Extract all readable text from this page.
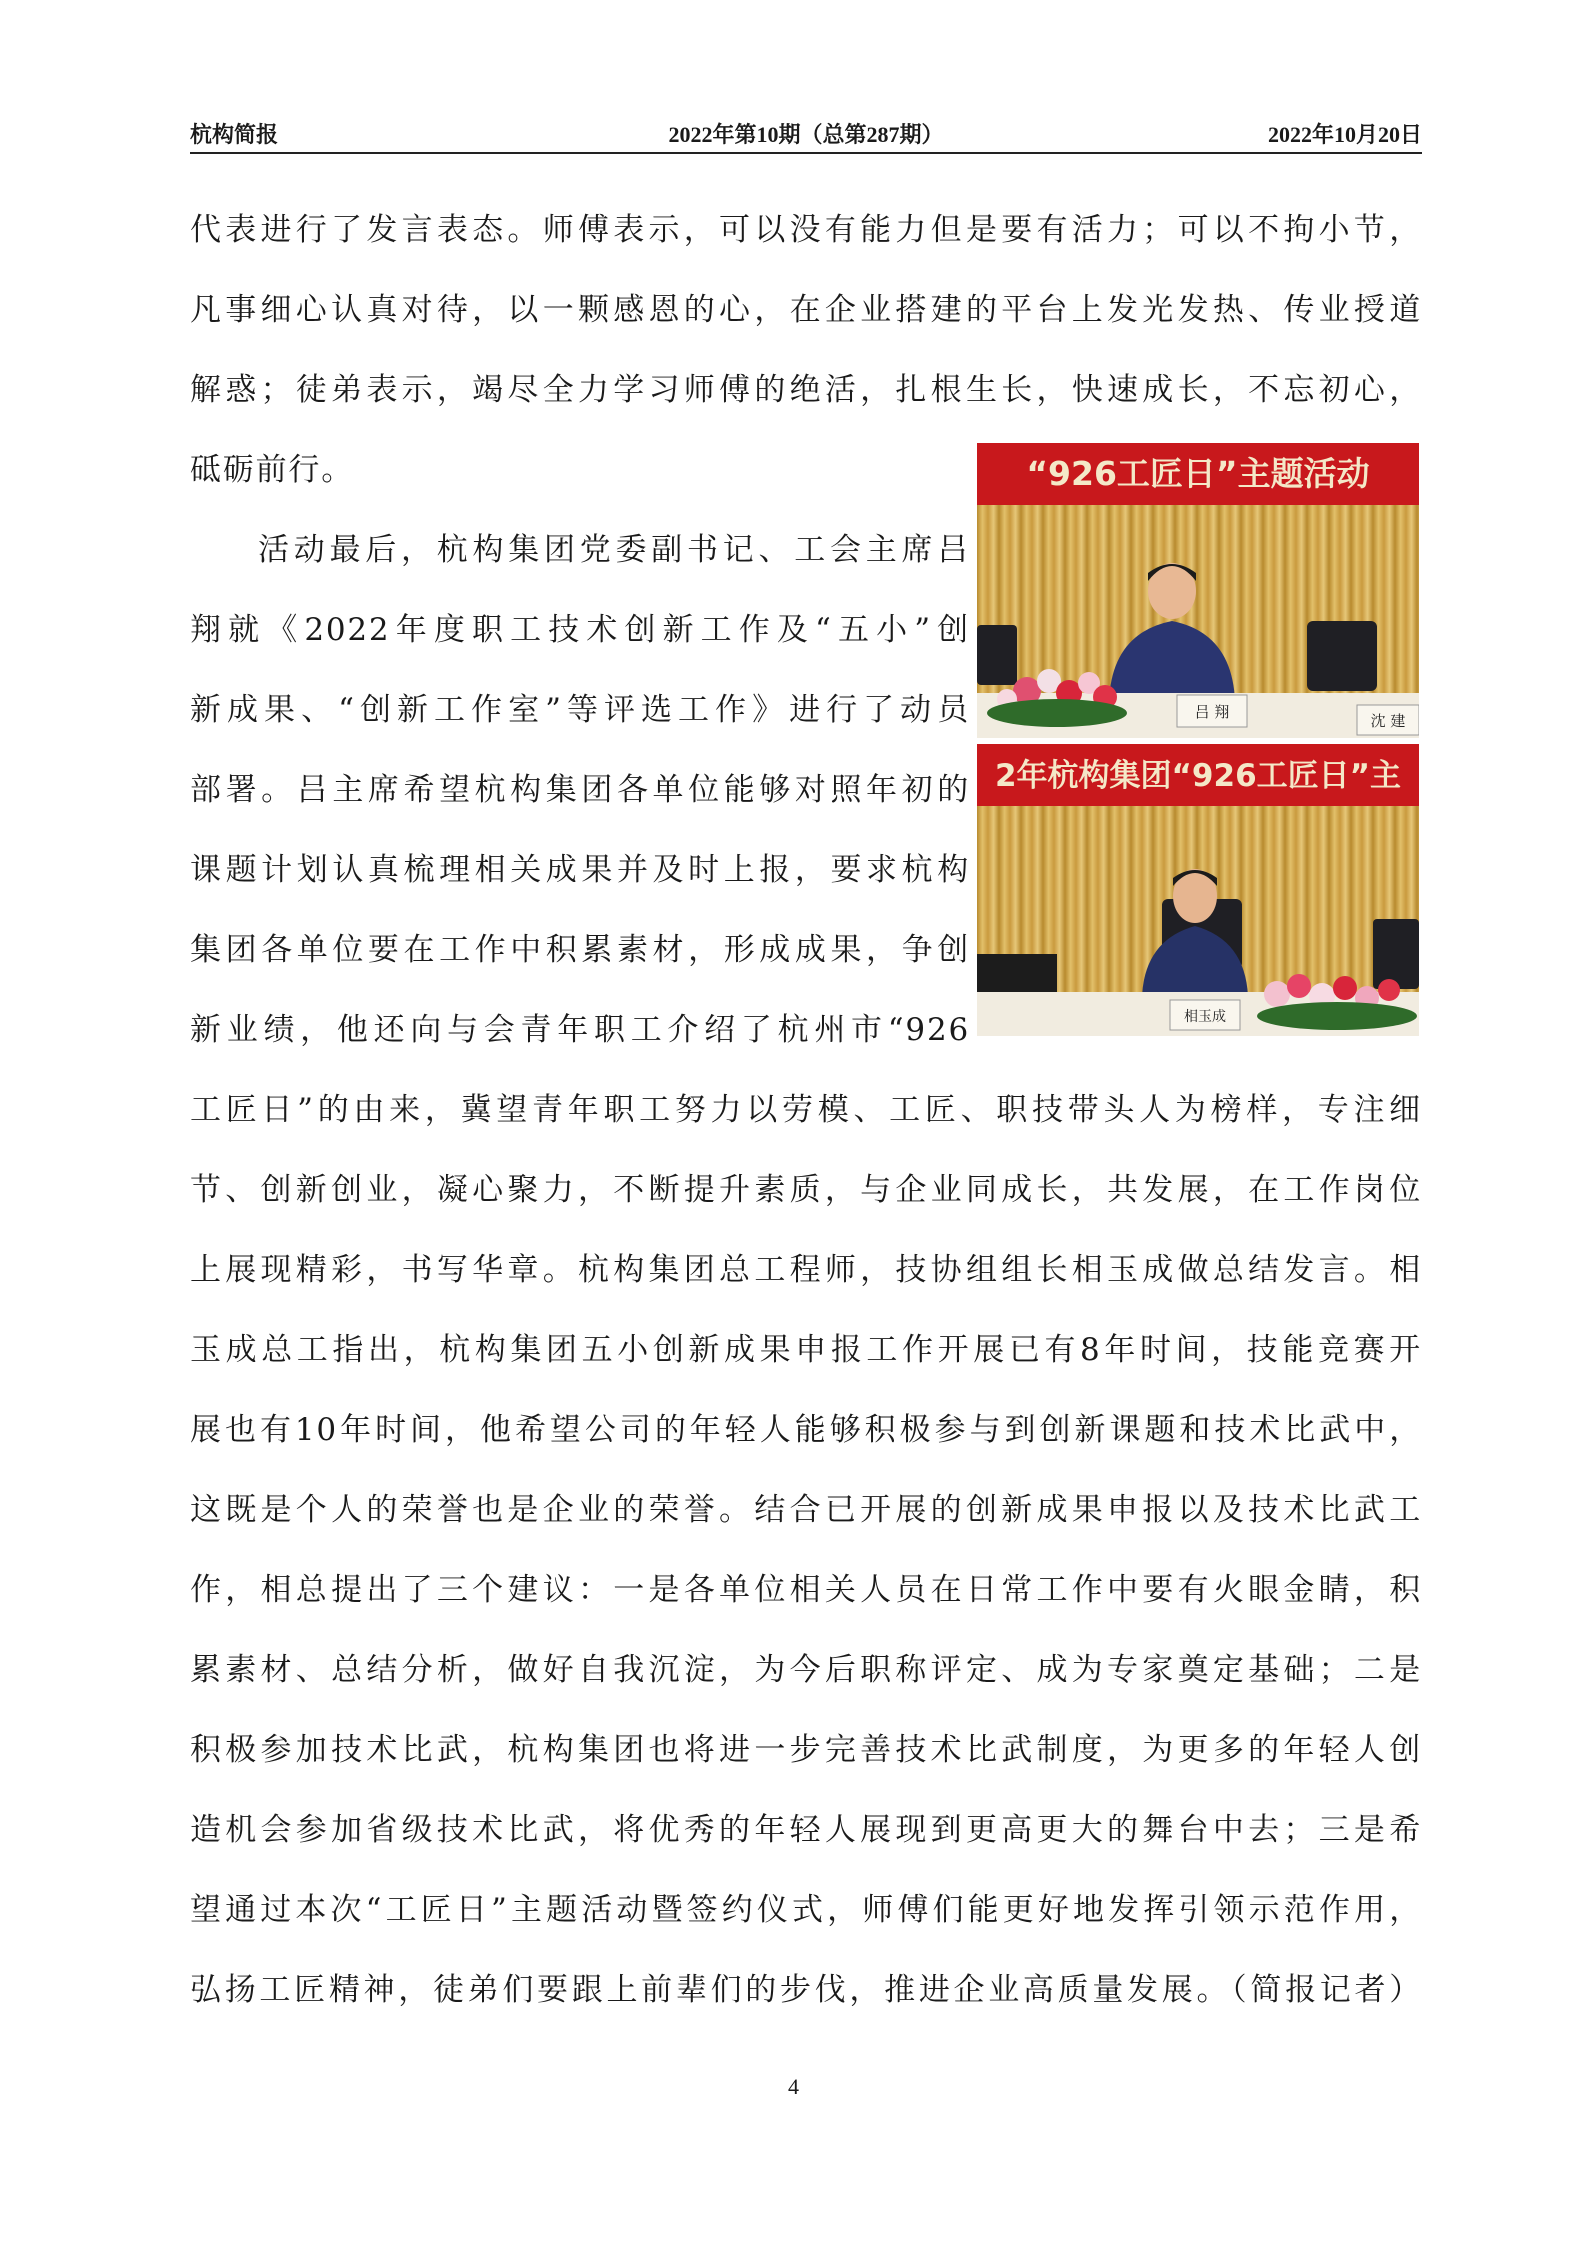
杭构简报	2022年第10期（总第287期）	2022年10月20日
代表进行了发言表态。师傅表示，可以没有能力但是要有活力；可以不拘小节，
凡事细心认真对待，以一颗感恩的心，在企业搭建的平台上发光发热、传业授道
解惑；徒弟表示，竭尽全力学习师傅的绝活，扎根生长，快速成长，不忘初心，
砥砺前行。
活动最后，杭构集团党委副书记、工会主席吕
翔就《2022年度职工技术创新工作及“五小”创
新成果、“创新工作室”等评选工作》进行了动员
部署。吕主席希望杭构集团各单位能够对照年初的
课题计划认真梳理相关成果并及时上报，要求杭构
集团各单位要在工作中积累素材，形成成果，争创
新业绩，他还向与会青年职工介绍了杭州市“926
工匠日”的由来，冀望青年职工努力以劳模、工匠、职技带头人为榜样，专注细
节、创新创业，凝心聚力，不断提升素质，与企业同成长，共发展，在工作岗位
上展现精彩，书写华章。杭构集团总工程师，技协组组长相玉成做总结发言。相
玉成总工指出，杭构集团五小创新成果申报工作开展已有8年时间，技能竞赛开
展也有10年时间，他希望公司的年轻人能够积极参与到创新课题和技术比武中，
这既是个人的荣誉也是企业的荣誉。结合已开展的创新成果申报以及技术比武工
作，相总提出了三个建议：一是各单位相关人员在日常工作中要有火眼金睛，积
累素材、总结分析，做好自我沉淀，为今后职称评定、成为专家奠定基础；二是
积极参加技术比武，杭构集团也将进一步完善技术比武制度，为更多的年轻人创
造机会参加省级技术比武，将优秀的年轻人展现到更高更大的舞台中去；三是希
望通过本次“工匠日”主题活动暨签约仪式，师傅们能更好地发挥引领示范作用，
弘扬工匠精神，徒弟们要跟上前辈们的步伐，推进企业高质量发展。（简报记者）
“926工匠日”主题活动
吕 翔	沈 建
2年杭构集团“926工匠日”主
相玉成
4
